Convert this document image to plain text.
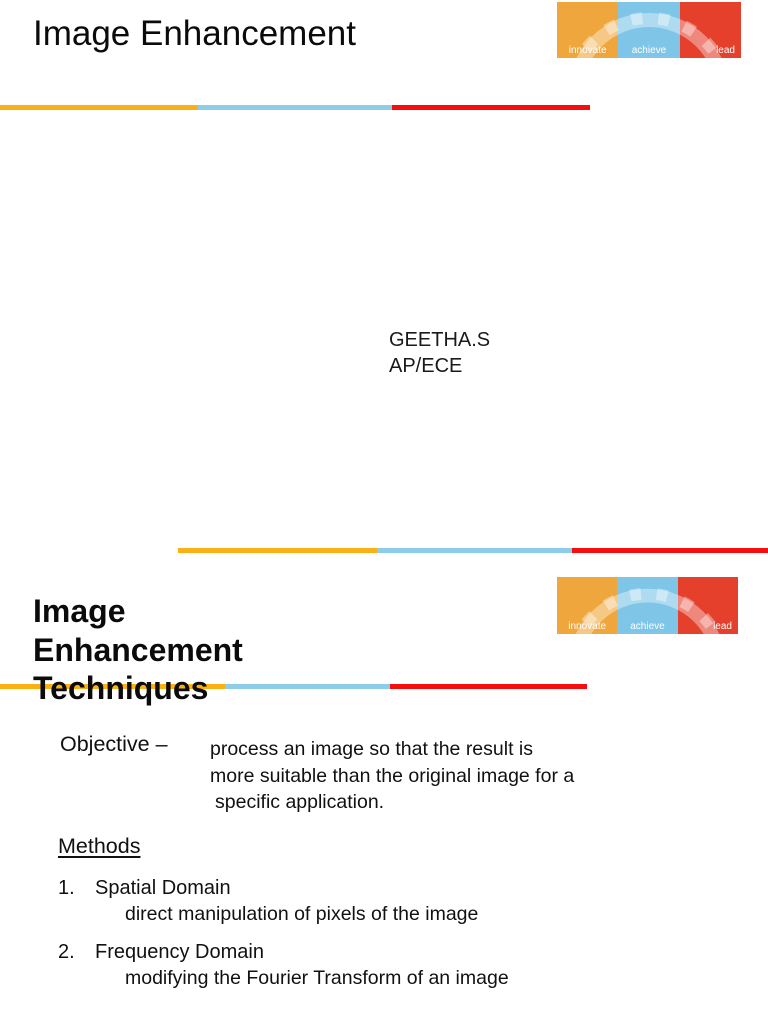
Image Enhancement	innovate	achieve	lead
GEETHA.S
AP/ECE
innovate	achieve	lead
Image
Enhancement
Techniques
Objective – process an image so that the result is
more suitable than the original image for a
specific application.
Methods
1. Spatial Domain
direct manipulation of pixels of the image
2. Frequency Domain
modifying the Fourier Transform of an image
